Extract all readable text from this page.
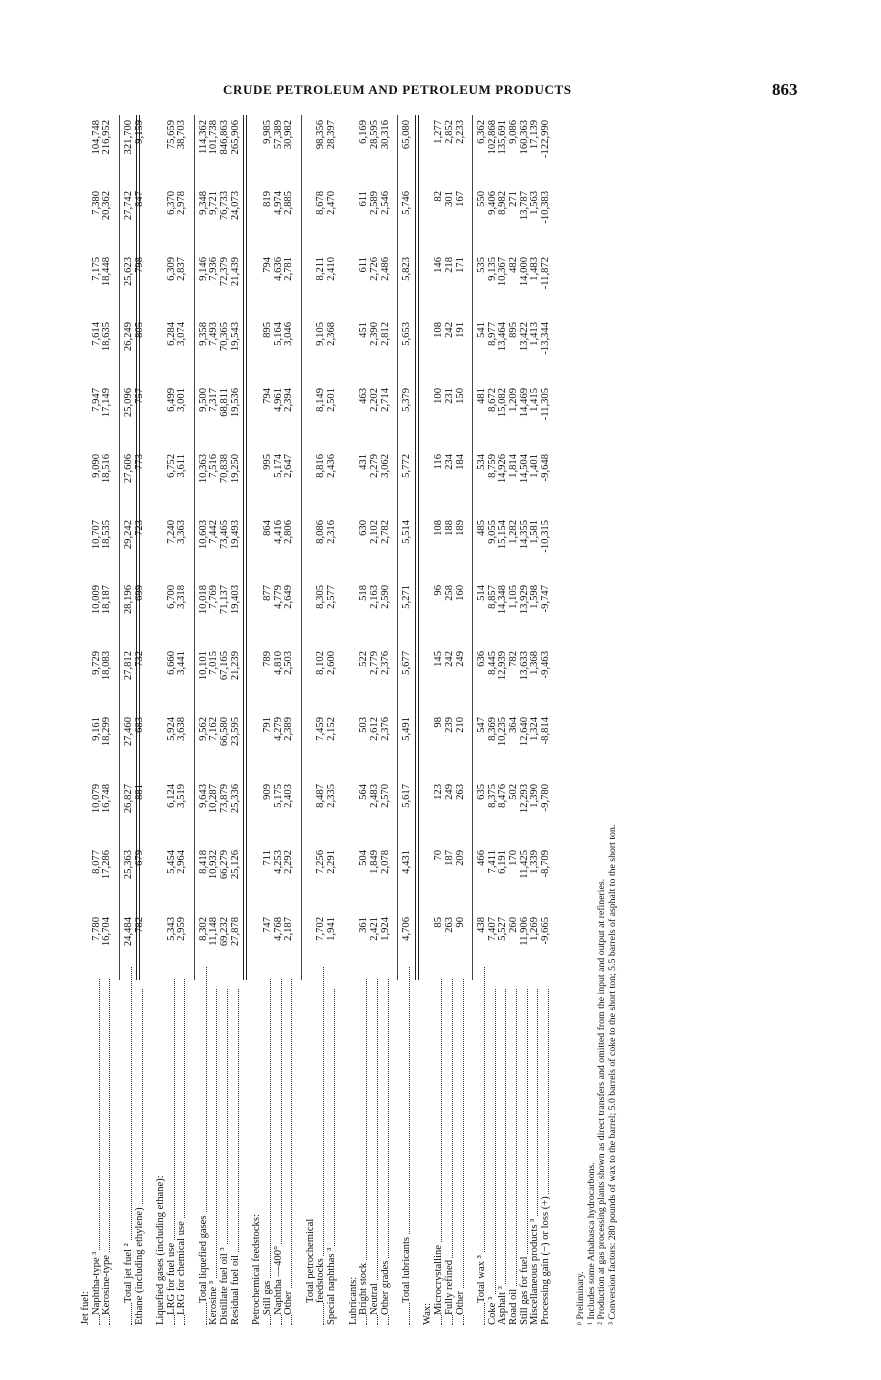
CRUDE PETROLEUM AND PETROLEUM PRODUCTS	863
Jet fuel: Naphtha-type ³
7,780
8,077
10,079
9,161
9,729
10,009
10,707
9,090
7,947
7,614
7,175
7,380
104,748
Kerosine-type
16,704
17,286
16,748
18,299
18,083
18,187
18,535
18,516
17,149
18,635
18,448
20,362
216,952
Total jet fuel ²
24,484
25,363
26,827
27,460
27,812
28,196
29,242
27,606
25,096
26,249
25,623
27,742
321,700
Ethane (including ethylene)
782
679
881
683
732
699
723
773
757
805
798
847
9,159
Liquefied gases (including ethane): LRG for fuel use
5,343
5,454
6,124
5,924
6,660
6,700
7,240
6,752
6,499
6,284
6,309
6,370
75,659
LRG for chemical use
2,959
2,964
3,519
3,638
3,441
3,318
3,363
3,611
3,001
3,074
2,837
2,978
38,703
Total liquefied gases
8,302
8,418
9,643
9,562
10,101
10,018
10,603
10,363
9,500
9,358
9,146
9,348
114,362
Kerosine ³
11,148
10,932
10,287
7,162
7,015
7,769
7,442
7,516
7,317
7,493
7,936
9,721
101,738
Distillate fuel oil ³
69,232
66,279
73,879
66,580
67,165
71,137
73,465
70,838
68,811
70,365
72,379
76,733
846,863
Residual fuel oil
27,878
25,126
25,336
23,595
21,239
19,403
19,493
19,250
19,536
19,543
21,439
24,073
265,906
Petrochemical feedstocks: Still gas
747
711
909
791
789
877
864
995
794
895
794
819
9,985
Naphtha —400°
4,768
4,253
5,175
4,279
4,810
4,779
4,416
5,174
4,961
5,164
4,636
4,974
57,389
Other
2,187
2,292
2,403
2,389
2,503
2,649
2,806
2,647
2,394
3,046
2,781
2,885
30,982
Total petrochemical feedstocks
7,702
7,256
8,487
7,459
8,102
8,305
8,086
8,816
8,149
9,105
8,211
8,678
98,356
Special naphthas ³
1,941
2,291
2,335
2,152
2,600
2,577
2,316
2,436
2,501
2,368
2,410
2,470
28,397
Lubricants: Bright stock
361
504
564
503
522
518
630
431
463
451
611
611
6,169
Neutral
2,421
1,849
2,483
2,612
2,779
2,163
2,102
2,279
2,202
2,390
2,726
2,589
28,595
Other grades
1,924
2,078
2,570
2,376
2,376
2,590
2,782
3,062
2,714
2,812
2,486
2,546
30,316
Total lubricants
4,706
4,431
5,617
5,491
5,677
5,271
5,514
5,772
5,379
5,653
5,823
5,746
65,080
Wax: Microcrystalline
85
70
123
98
145
96
108
116
100
108
146
82
1,277
Fully refined
263
187
249
239
242
258
188
234
231
242
218
301
2,852
Other
90
209
263
210
249
160
189
184
150
191
171
167
2,233
Total wax ³
438
466
635
547
636
514
485
534
481
541
535
550
6,362
Coke ³
7,407
7,411
8,375
8,369
8,445
8,857
9,055
8,759
8,672
8,977
9,135
9,406
102,868
Asphalt ³
5,527
6,191
8,476
10,235
12,939
14,348
15,154
14,926
15,082
13,464
10,367
8,982
135,691
Road oil
260
170
502
364
782
1,105
1,282
1,814
1,209
895
482
271
9,086
Still gas for fuel
11,906
11,425
12,293
12,640
13,633
13,929
14,355
14,504
14,469
13,422
14,000
13,787
160,363
Miscellaneous products ³
1,269
1,339
1,390
1,324
1,368
1,598
1,581
1,401
1,415
1,413
1,483
1,563
17,139
Processing gain (−) or loss (+)
-9,665
-8,709
-9,780
-8,814
-9,463
-9,747
-10,315
-9,648
-11,305
-13,344
-11,872
-10,383
-122,990
ᵖ Preliminary. ¹ Includes some Athabasca hydrocarbons. ² Production at gas processing plants shown as direct transfers and omitted from the input and output at refineries. ³ Conversion factors: 280 pounds of wax to the barrel; 5.0 barrels of coke to the short ton; 5.5 barrels of asphalt to the short ton.
